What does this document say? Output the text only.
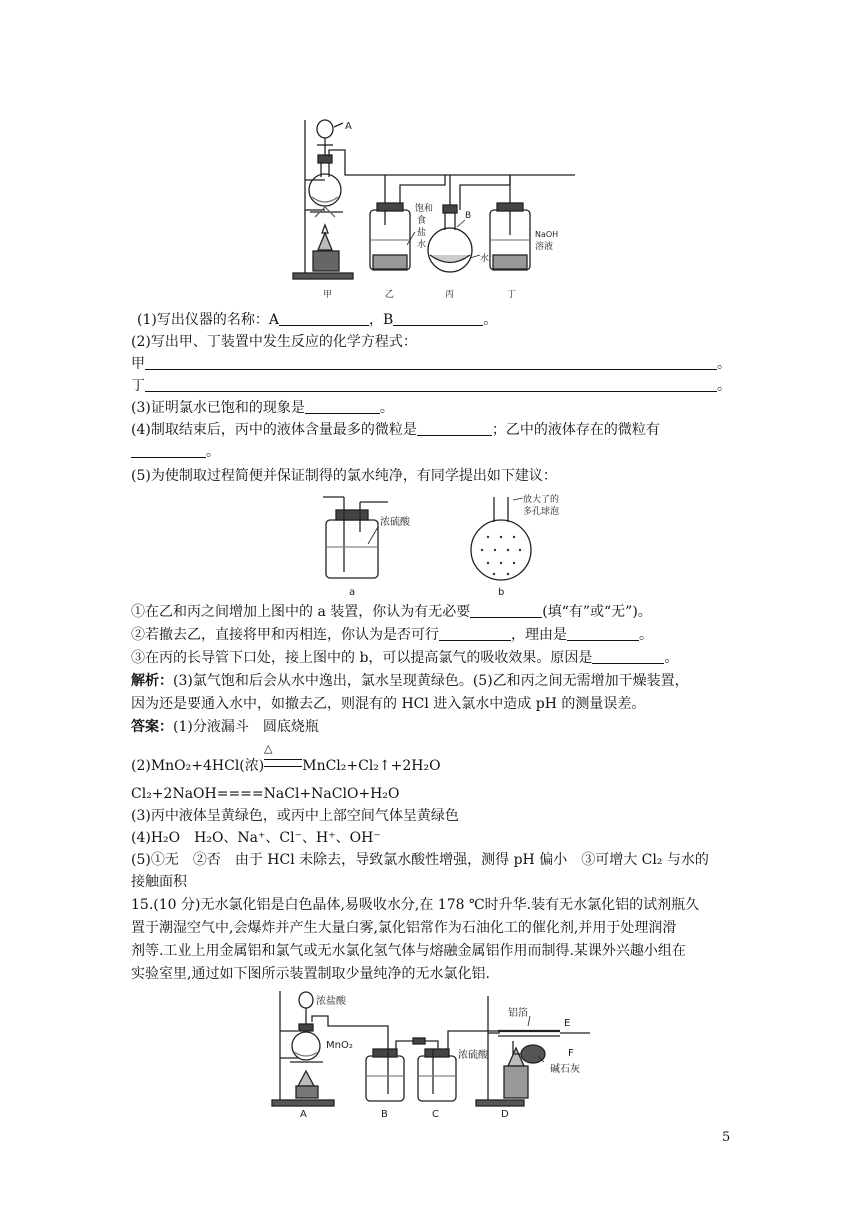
A
饱和
食
盐
水
B
水
NaOH
溶液
甲	乙	丙	丁
(1)写出仪器的名称：A	，B	。
(2)写出甲、丁装置中发生反应的化学方程式：
甲	。
丁	。
(3)证明氯水已饱和的现象是	。
(4)制取结束后，丙中的液体含量最多的微粒是	；乙中的液体存在的微粒有
。
(5)为使制取过程简便并保证制得的氯水纯净，有同学提出如下建议：
浓硫酸
放大了的
多孔球泡
a	b
①在乙和丙之间增加上图中的 a 装置，你认为有无必要	(填“有”或“无”)。
②若撤去乙，直接将甲和丙相连，你认为是否可行	，理由是	。
③在丙的长导管下口处，接上图中的 b，可以提高氯气的吸收效果。原因是	。
解析：(3)氯气饱和后会从水中逸出，氯水呈现黄绿色。(5)乙和丙之间无需增加干燥装置，
因为还是要通入水中，如撤去乙，则混有的 HCl 进入氯水中造成 pH 的测量误差。
答案：(1)分液漏斗　圆底烧瓶
△
(2)MnO₂+4HCl(浓)	MnCl₂+Cl₂↑+2H₂O
Cl₂+2NaOH====NaCl+NaClO+H₂O
(3)丙中液体呈黄绿色，或丙中上部空间气体呈黄绿色
(4)H₂O　H₂O、Na⁺、Cl⁻、H⁺、OH⁻
(5)①无　②否　由于 HCl 未除去，导致氯水酸性增强，测得 pH 偏小　③可增大 Cl₂ 与水的
接触面积
15.(10 分)无水氯化铝是白色晶体,易吸收水分,在 178 ℃时升华.装有无水氯化铝的试剂瓶久
置于潮湿空气中,会爆炸并产生大量白雾,氯化铝常作为石油化工的催化剂,并用于处理润滑
剂等.工业上用金属铝和氯气或无水氯化氢气体与熔融金属铝作用而制得.某课外兴趣小组在
实验室里,通过如下图所示装置制取少量纯净的无水氯化铝.
浓盐酸
MnO₂
浓硫酸
铝箔
E
F
碱石灰
A	B	C	D
5
